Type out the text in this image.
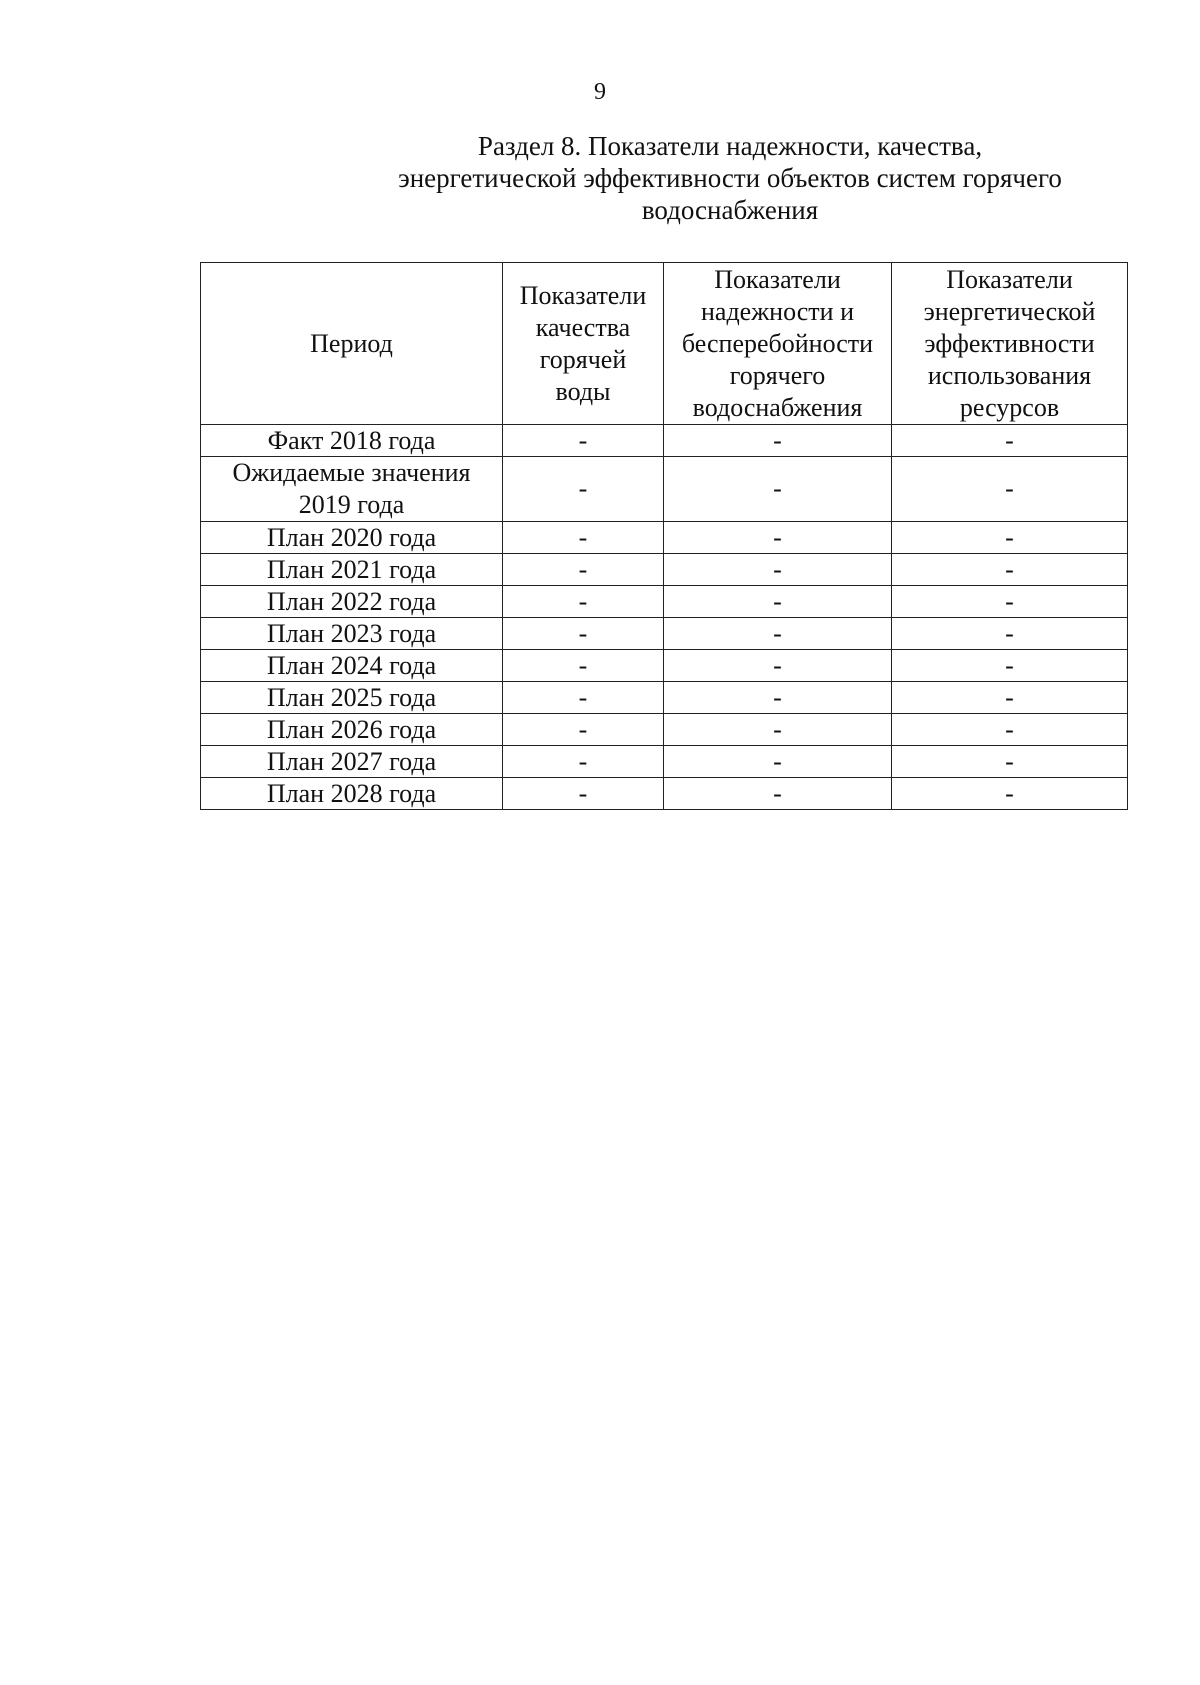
9
Раздел 8. Показатели надежности, качества,
энергетической эффективности объектов систем горячего
водоснабжения
Период	Показатели
качества
горячей
воды	Показатели
надежности и
бесперебойности
горячего
водоснабжения	Показатели
энергетической
эффективности
использования
ресурсов

Факт 2018 года	-	-	-

Ожидаемые значения
2019 года	-	-	-

План 2020 года	-	-	-

План 2021 года	-	-	-

План 2022 года	-	-	-

План 2023 года	-	-	-

План 2024 года	-	-	-

План 2025 года	-	-	-

План 2026 года	-	-	-

План 2027 года	-	-	-

План 2028 года	-	-	-
